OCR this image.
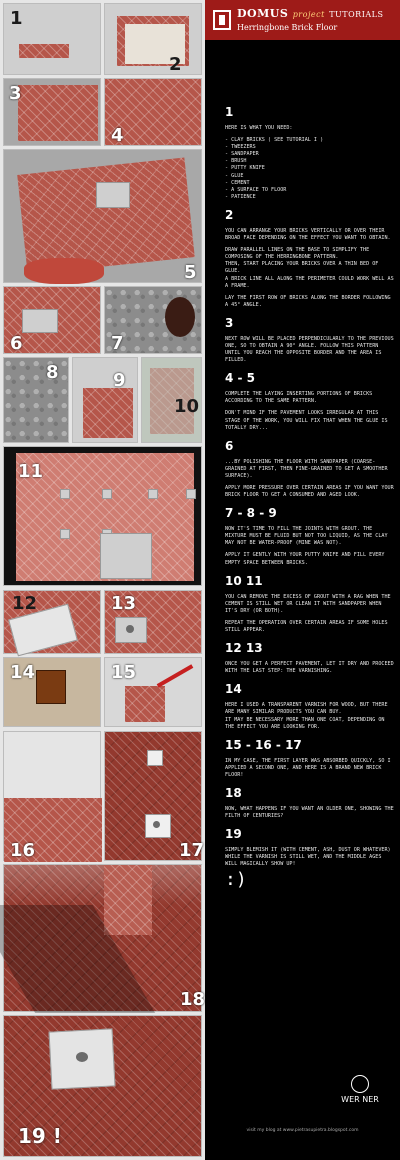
1
2
3
4
5
6	7
8	9
10
11
12	13
14	15
16	17
18
19 !
DOMUS project TUTORIALS
Herringbone Brick Floor
1

HERE IS WHAT YOU NEED:

- CLAY BRICKS ( SEE TUTORIAL I )
- TWEEZERS
- SANDPAPER
- BRUSH
- PUTTY KNIFE
- GLUE
- CEMENT
- A SURFACE TO FLOOR
- PATIENCE

2

YOU CAN ARRANGE YOUR BRICKS VERTICALLY OR OVER THEIR BROAD FACE DEPENDING ON THE EFFECT YOU WANT TO OBTAIN.

DRAW PARALLEL LINES ON THE BASE TO SIMPLIFY THE COMPOSING OF THE HERRINGBONE PATTERN.
THEN, START PLACING YOUR BRICKS OVER A THIN BED OF GLUE.
A BRICK LINE ALL ALONG THE PERIMETER COULD WORK WELL AS A FRAME.

LAY THE FIRST ROW OF BRICKS ALONG THE BORDER FOLLOWING A 45° ANGLE.

3

NEXT ROW WILL BE PLACED PERPENDICULARLY TO THE PREVIOUS ONE, SO TO OBTAIN A 90° ANGLE. FOLLOW THIS PATTERN UNTIL YOU REACH THE OPPOSITE BORDER AND THE AREA IS FILLED.

4 - 5

COMPLETE THE LAYING INSERTING PORTIONS OF BRICKS ACCORDING TO THE SAME PATTERN.

DON'T MIND IF THE PAVEMENT LOOKS IRREGULAR AT THIS STAGE OF THE WORK, YOU WILL FIX THAT WHEN THE GLUE IS TOTALLY DRY...

6

...BY POLISHING THE FLOOR WITH SANDPAPER (COARSE-GRAINED AT FIRST, THEN FINE-GRAINED TO GET A SMOOTHER SURFACE).

APPLY MORE PRESSURE OVER CERTAIN AREAS IF YOU WANT YOUR BRICK FLOOR TO GET A CONSUMED AND AGED LOOK.

7 - 8 - 9

NOW IT'S TIME TO FILL THE JOINTS WITH GROUT. THE MIXTURE MUST BE FLUID BUT NOT TOO LIQUID, AS THE CLAY MAY NOT BE WATER-PROOF (MINE WAS NOT).

APPLY IT GENTLY WITH YOUR PUTTY KNIFE AND FILL EVERY EMPTY SPACE BETWEEN BRICKS.

10 11

YOU CAN REMOVE THE EXCESS OF GROUT WITH A RAG WHEN THE CEMENT IS STILL WET OR CLEAN IT WITH SANDPAPER WHEN IT'S DRY (OR BOTH).

REPEAT THE OPERATION OVER CERTAIN AREAS IF SOME HOLES STILL APPEAR.

12 13

ONCE YOU GET A PERFECT PAVEMENT, LET IT DRY AND PROCEED WITH THE LAST STEP: THE VARNISHING.

14

HERE I USED A TRANSPARENT VARNISH FOR WOOD, BUT THERE ARE MANY SIMILAR PRODUCTS YOU CAN BUY.
IT MAY BE NECESSARY MORE THAN ONE COAT, DEPENDING ON THE EFFECT YOU ARE LOOKING FOR.

15 - 16 - 17

IN MY CASE, THE FIRST LAYER WAS ABSORBED QUICKLY, SO I APPLIED A SECOND ONE, AND HERE IS A BRAND NEW BRICK FLOOR!

18

NOW, WHAT HAPPENS IF YOU WANT AN OLDER ONE, SHOWING THE FILTH OF CENTURIES?

19

SIMPLY BLEMISH IT (WITH CEMENT, ASH, DUST OR WHATEVER) WHILE THE VARNISH IS STILL WET, AND THE MIDDLE AGES WILL MAGICALLY SHOW UP!

:)
WER NER
visit my blog at www.pietrasupietra.blogspot.com
